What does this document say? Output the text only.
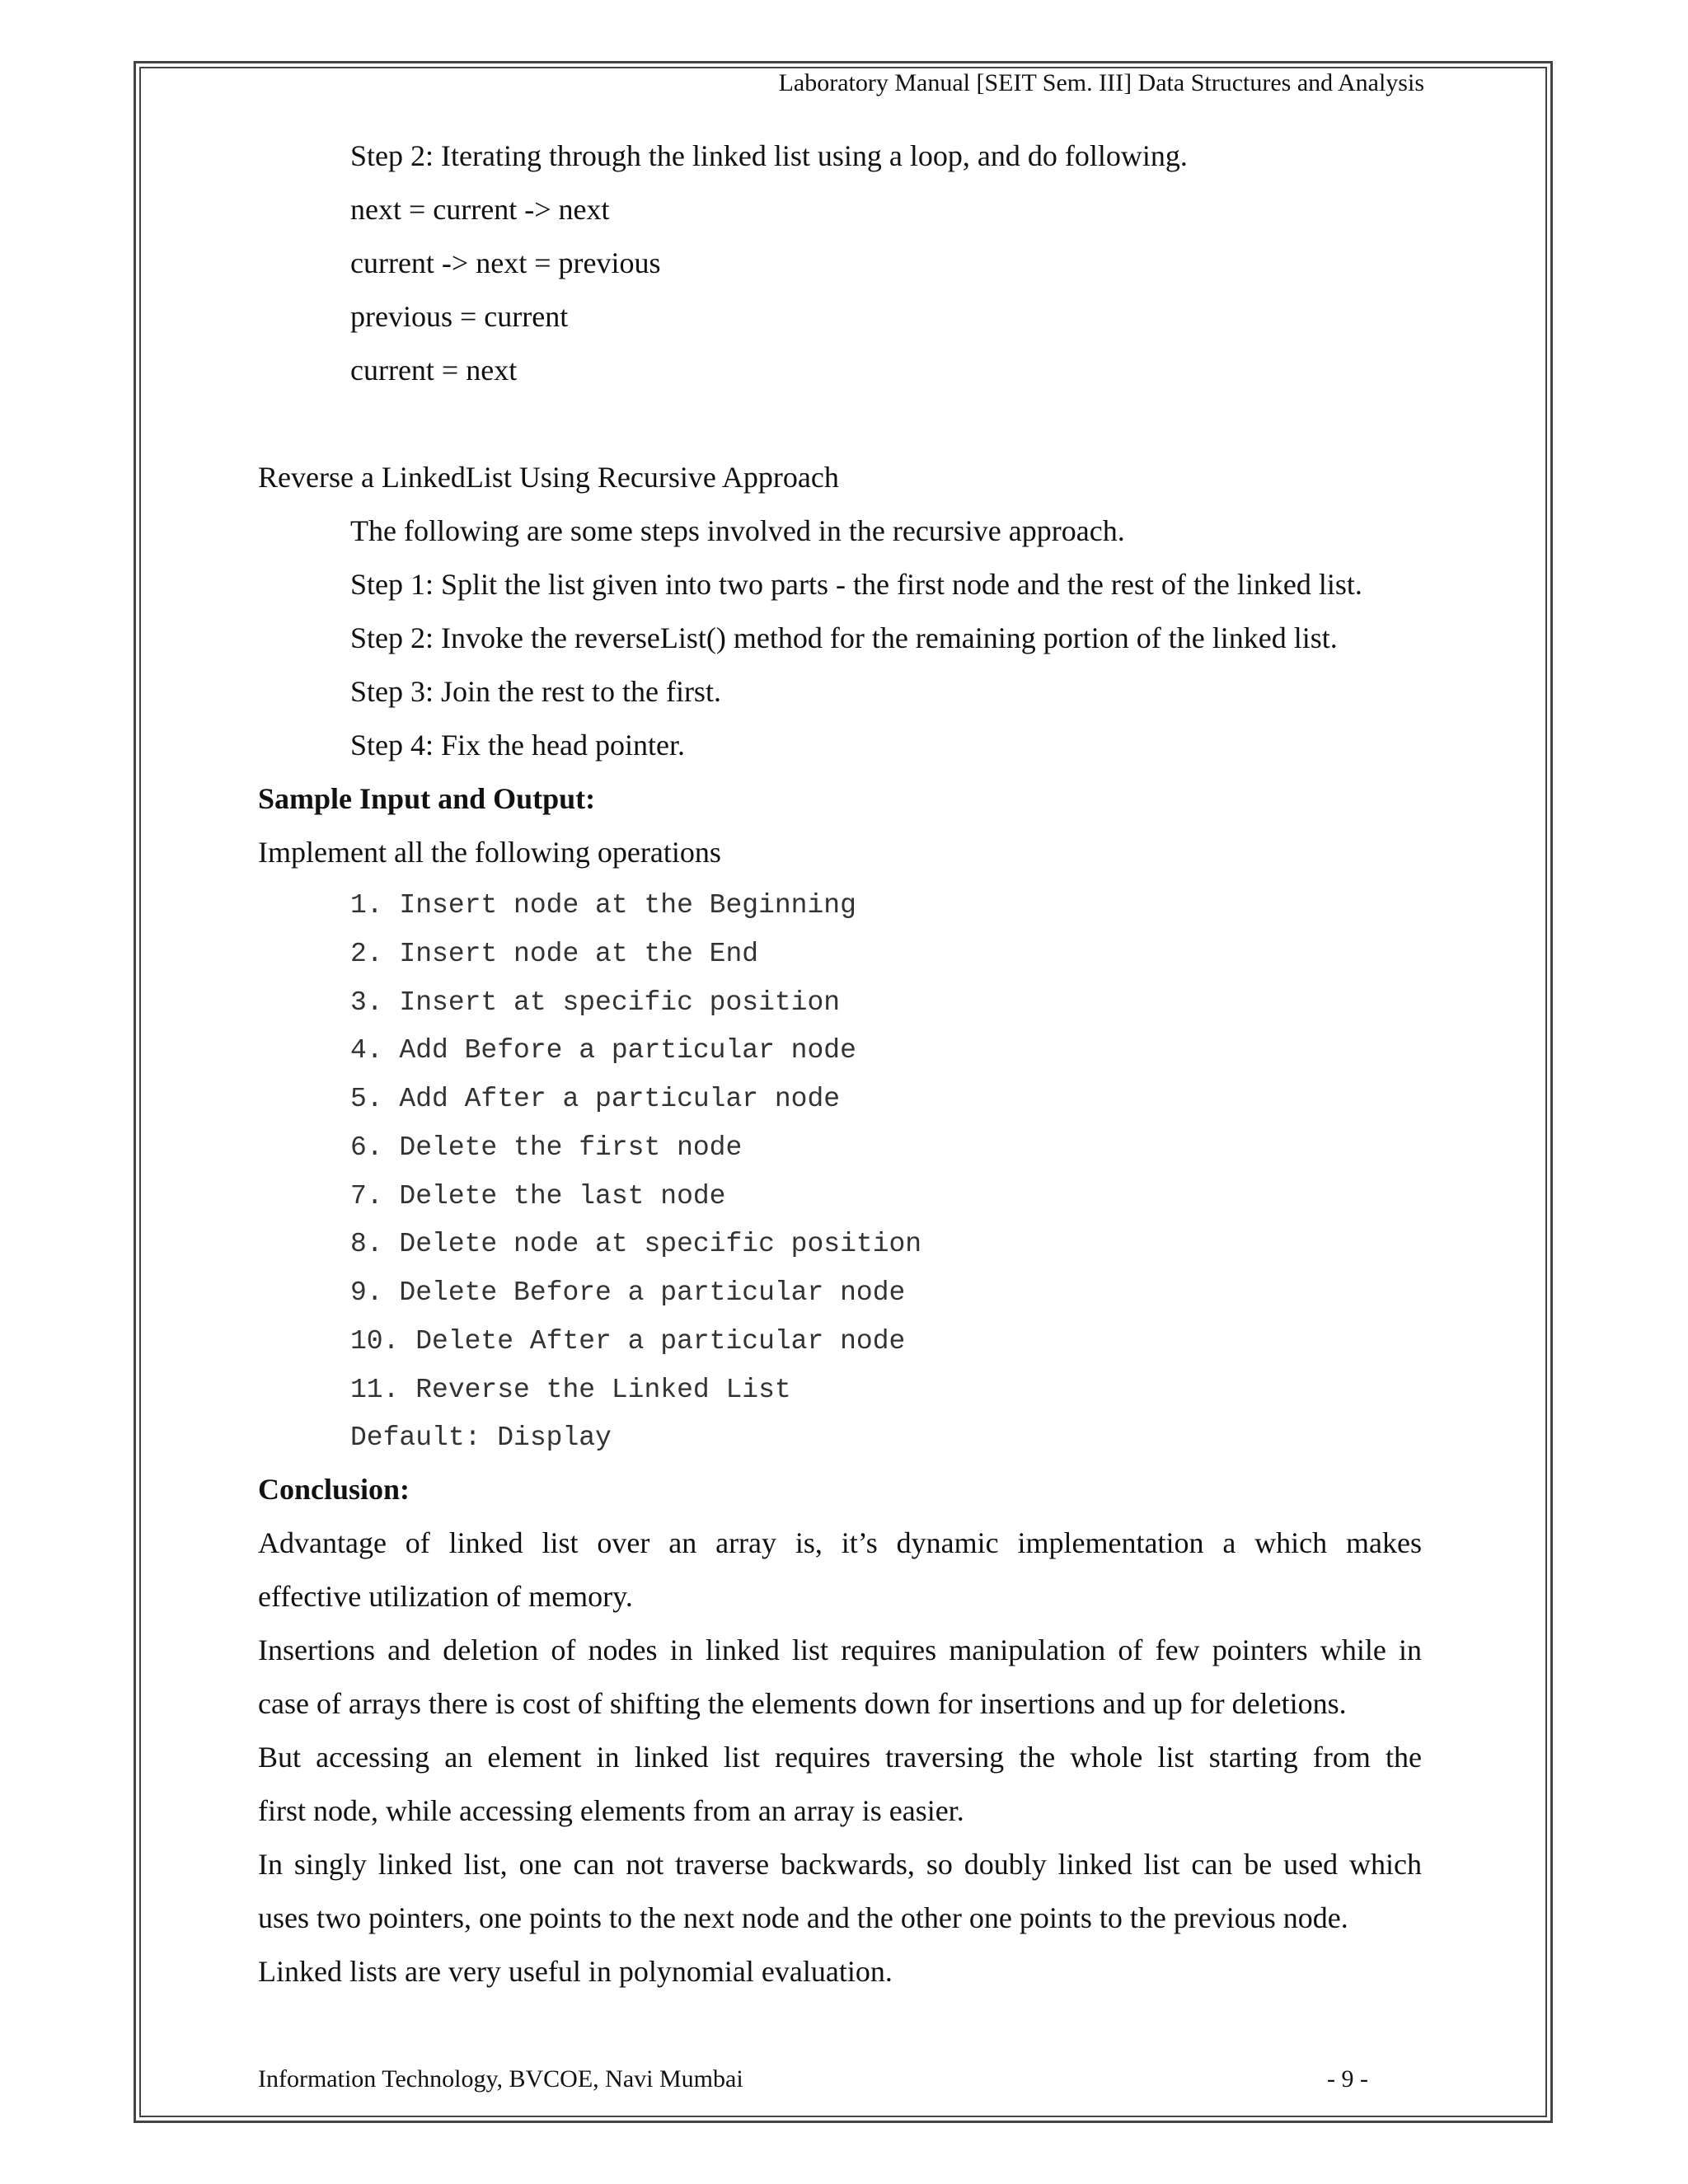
Laboratory Manual [SEIT Sem. III] Data Structures and Analysis
Step 2: Iterating through the linked list using a loop, and do following.
next = current -> next
current -> next = previous
previous = current
current = next
Reverse a LinkedList Using Recursive Approach
The following are some steps involved in the recursive approach.
Step 1: Split the list given into two parts - the first node and the rest of the linked list.
Step 2: Invoke the reverseList() method for the remaining portion of the linked list.
Step 3: Join the rest to the first.
Step 4: Fix the head pointer.
Sample Input and Output:
Implement all the following operations
1. Insert node at the Beginning
2. Insert node at the End
3. Insert at specific position
4. Add Before a particular node
5. Add After a particular node
6. Delete the first node
7. Delete the last node
8. Delete node at specific position
9. Delete Before a particular node
10. Delete After a particular node
11. Reverse the Linked List
Default: Display
Conclusion:
Advantage of linked list over an array is, it’s dynamic implementation a which makes
effective utilization of memory.
Insertions and deletion of nodes in linked list requires manipulation of few pointers while in
case of arrays there is cost of shifting the elements down for insertions and up for deletions.
But accessing an element in linked list requires traversing the whole list starting from the
first node, while accessing elements from an array is easier.
In singly linked list, one can not traverse backwards, so doubly linked list can be used which
uses two pointers, one points to the next node and the other one points to the previous node.
Linked lists are very useful in polynomial evaluation.
Information Technology, BVCOE, Navi Mumbai	- 9 -
